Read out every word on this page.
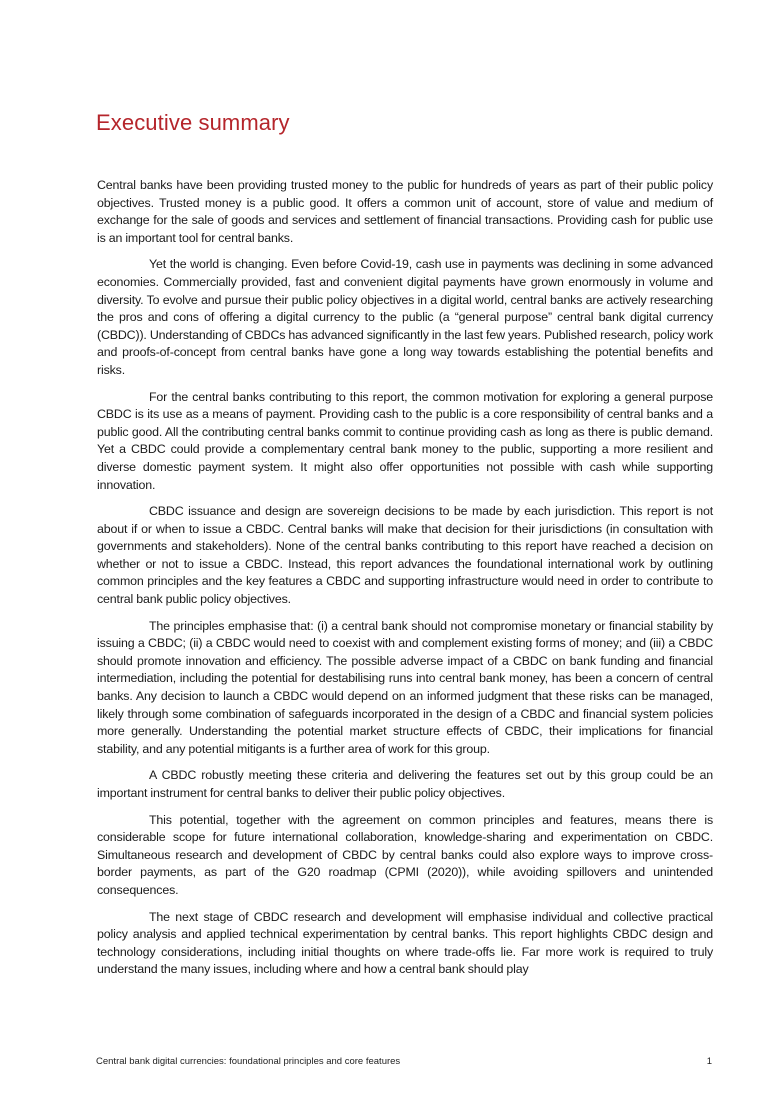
Executive summary

Central banks have been providing trusted money to the public for hundreds of years as part of their public policy objectives. Trusted money is a public good. It offers a common unit of account, store of value and medium of exchange for the sale of goods and services and settlement of financial transactions. Providing cash for public use is an important tool for central banks.

Yet the world is changing. Even before Covid-19, cash use in payments was declining in some advanced economies. Commercially provided, fast and convenient digital payments have grown enormously in volume and diversity. To evolve and pursue their public policy objectives in a digital world, central banks are actively researching the pros and cons of offering a digital currency to the public (a “general purpose” central bank digital currency (CBDC)). Understanding of CBDCs has advanced significantly in the last few years. Published research, policy work and proofs-of-concept from central banks have gone a long way towards establishing the potential benefits and risks.

For the central banks contributing to this report, the common motivation for exploring a general purpose CBDC is its use as a means of payment. Providing cash to the public is a core responsibility of central banks and a public good. All the contributing central banks commit to continue providing cash as long as there is public demand. Yet a CBDC could provide a complementary central bank money to the public, supporting a more resilient and diverse domestic payment system. It might also offer opportunities not possible with cash while supporting innovation.

CBDC issuance and design are sovereign decisions to be made by each jurisdiction. This report is not about if or when to issue a CBDC. Central banks will make that decision for their jurisdictions (in consultation with governments and stakeholders). None of the central banks contributing to this report have reached a decision on whether or not to issue a CBDC. Instead, this report advances the foundational international work by outlining common principles and the key features a CBDC and supporting infrastructure would need in order to contribute to central bank public policy objectives.

The principles emphasise that: (i) a central bank should not compromise monetary or financial stability by issuing a CBDC; (ii) a CBDC would need to coexist with and complement existing forms of money; and (iii) a CBDC should promote innovation and efficiency. The possible adverse impact of a CBDC on bank funding and financial intermediation, including the potential for destabilising runs into central bank money, has been a concern of central banks. Any decision to launch a CBDC would depend on an informed judgment that these risks can be managed, likely through some combination of safeguards incorporated in the design of a CBDC and financial system policies more generally. Understanding the potential market structure effects of CBDC, their implications for financial stability, and any potential mitigants is a further area of work for this group.

A CBDC robustly meeting these criteria and delivering the features set out by this group could be an important instrument for central banks to deliver their public policy objectives.

This potential, together with the agreement on common principles and features, means there is considerable scope for future international collaboration, knowledge-sharing and experimentation on CBDC. Simultaneous research and development of CBDC by central banks could also explore ways to improve cross-border payments, as part of the G20 roadmap (CPMI (2020)), while avoiding spillovers and unintended consequences.

The next stage of CBDC research and development will emphasise individual and collective practical policy analysis and applied technical experimentation by central banks. This report highlights CBDC design and technology considerations, including initial thoughts on where trade-offs lie. Far more work is required to truly understand the many issues, including where and how a central bank should play

Central bank digital currencies: foundational principles and core features	1
